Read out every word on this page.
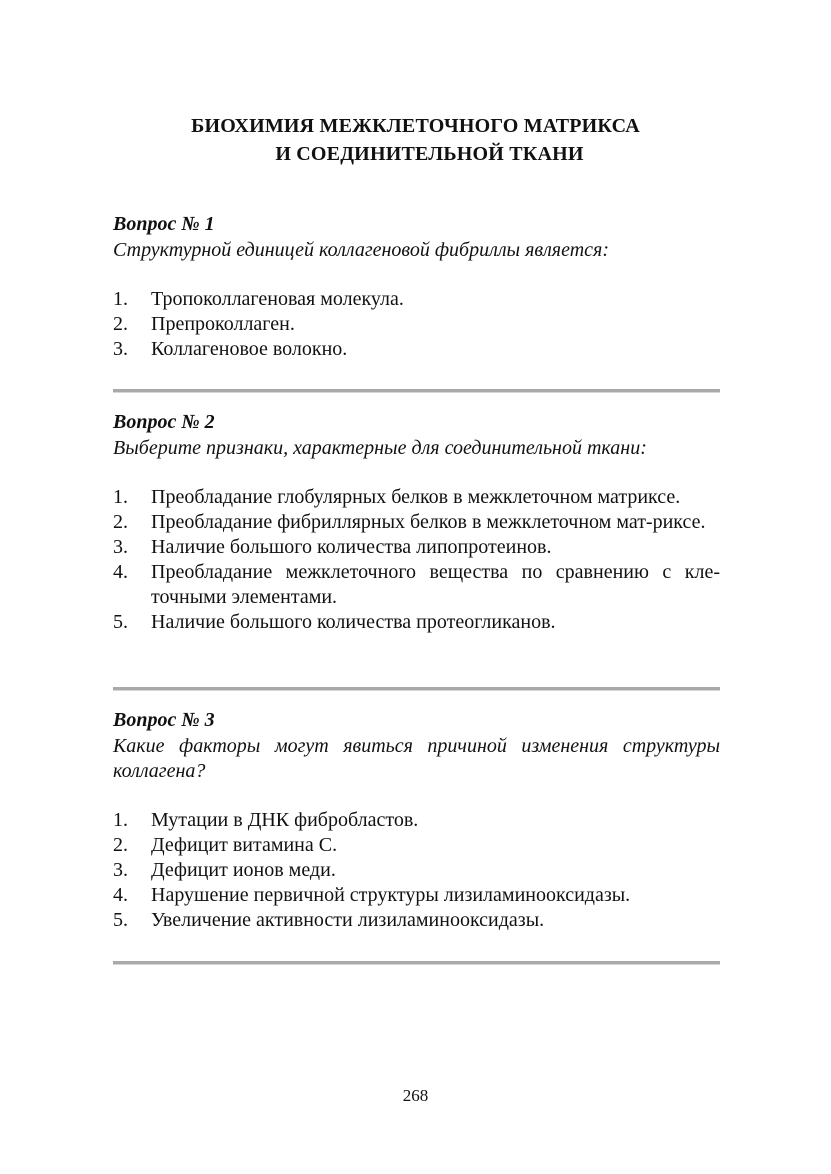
БИОХИМИЯ МЕЖКЛЕТОЧНОГО МАТРИКСА
И СОЕДИНИТЕЛЬНОЙ ТКАНИ
Вопрос № 1
Структурной единицей коллагеновой фибриллы является:
1. Тропоколлагеновая молекула.
2. Препроколлаген.
3. Коллагеновое волокно.
Вопрос № 2
Выберите признаки, характерные для соединительной ткани:
1. Преобладание глобулярных белков в межклеточном матриксе.
2. Преобладание фибриллярных белков в межклеточном мат-риксе.
3. Наличие большого количества липопротеинов.
4. Преобладание межклеточного вещества по сравнению с кле-точными элементами.
5. Наличие большого количества протеогликанов.
Вопрос № 3
Какие факторы могут явиться причиной изменения структуры коллагена?
1. Мутации в ДНК фибробластов.
2. Дефицит витамина С.
3. Дефицит ионов меди.
4. Нарушение первичной структуры лизиламинооксидазы.
5. Увеличение активности лизиламинооксидазы.
268
